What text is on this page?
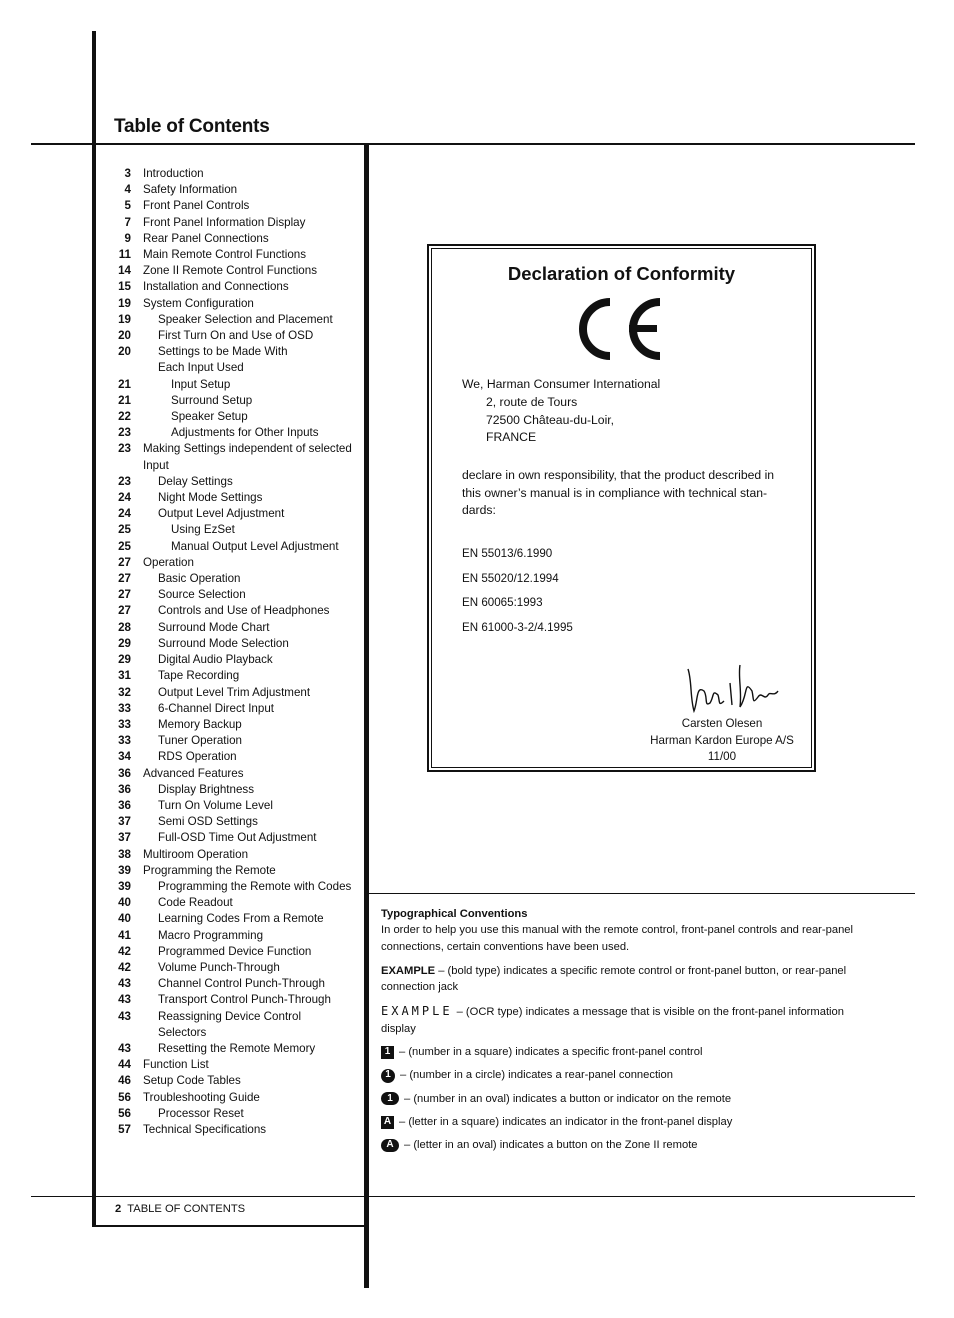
Table of Contents
3	Introduction
4	Safety Information
5	Front Panel Controls
7	Front Panel Information Display
9	Rear Panel Connections
11	Main Remote Control Functions
14	Zone II Remote Control Functions
15	Installation and Connections
19	System Configuration
19	Speaker Selection and Placement
20	First Turn On and Use of OSD
20	Settings to be Made With
Each Input Used
21	Input Setup
21	Surround Setup
22	Speaker Setup
23	Adjustments for Other Inputs
23	Making Settings independent of selected
Input
23	Delay Settings
24	Night Mode Settings
24	Output Level Adjustment
25	Using EzSet
25	Manual Output Level Adjustment
27	Operation
27	Basic Operation
27	Source Selection
27	Controls and Use of Headphones
28	Surround Mode Chart
29	Surround Mode Selection
29	Digital Audio Playback
31	Tape Recording
32	Output Level Trim Adjustment
33	6-Channel Direct Input
33	Memory Backup
33	Tuner Operation
34	RDS Operation
36	Advanced Features
36	Display Brightness
36	Turn On Volume Level
37	Semi OSD Settings
37	Full-OSD Time Out Adjustment
38	Multiroom Operation
39	Programming the Remote
39	Programming the Remote with Codes
40	Code Readout
40	Learning Codes From a Remote
41	Macro Programming
42	Programmed Device Function
42	Volume Punch-Through
43	Channel Control Punch-Through
43	Transport Control Punch-Through
43	Reassigning Device Control
Selectors
43	Resetting the Remote Memory
44	Function List
46	Setup Code Tables
56	Troubleshooting Guide
56	Processor Reset
57	Technical Specifications
Declaration of Conformity
We, Harman Consumer International
2, route de Tours
72500 Château-du-Loir,
FRANCE
declare in own responsibility, that the product described in this owner’s manual is in compliance with technical stan-dards:
EN 55013/6.1990
EN 55020/12.1994
EN 60065:1993
EN 61000-3-2/4.1995
Carsten Olesen
Harman Kardon Europe A/S
11/00

Typographical Conventions

In order to help you use this manual with the remote control, front-panel controls and rear-panel connections, certain conventions have been used.

EXAMPLE – (bold type) indicates a specific remote control or front-panel button, or rear-panel connection jack

EXAMPLE – (OCR type) indicates a message that is visible on the front-panel information display

1 – (number in a square) indicates a specific front-panel control
1 – (number in a circle) indicates a rear-panel connection
1	– (number in an oval) indicates a button or indicator on the remote
A – (letter in a square) indicates an indicator in the front-panel display
A – (letter in an oval) indicates a button on the Zone II remote
2 TABLE OF CONTENTS
